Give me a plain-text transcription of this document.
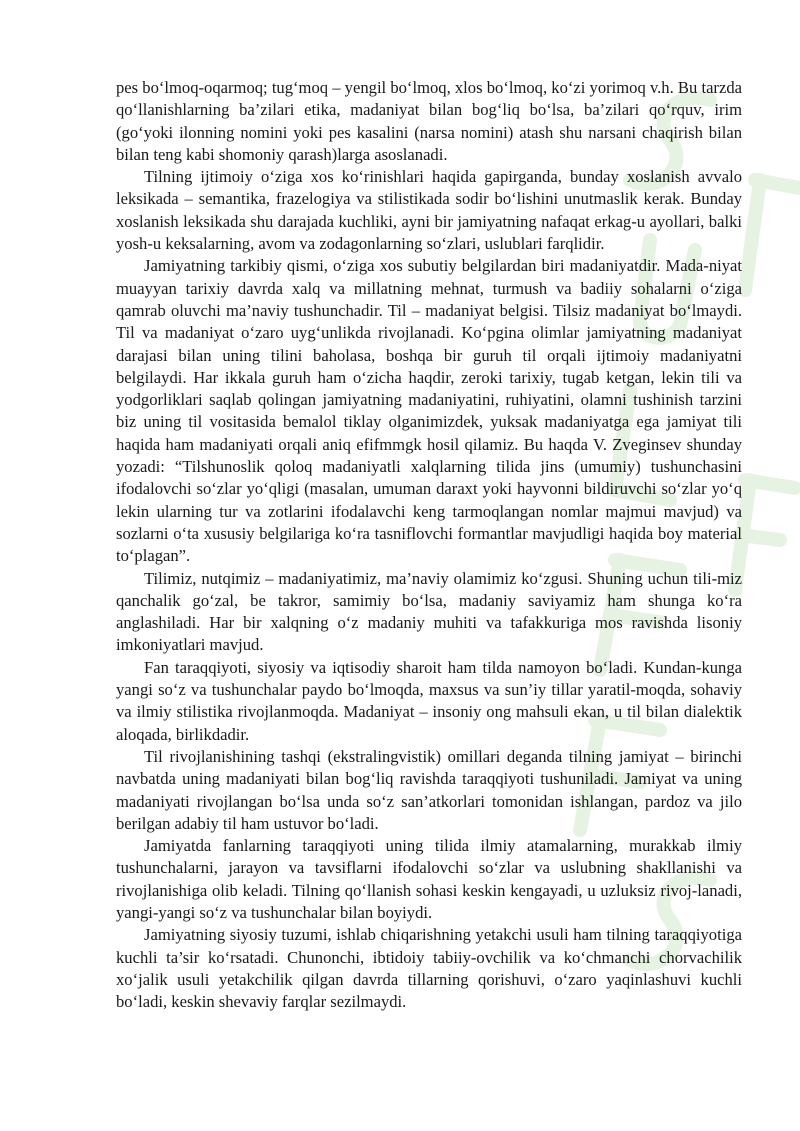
pes bo‘lmoq-oqarmoq; tug‘moq – yengil bo‘lmoq, xlos bo‘lmoq, ko‘zi yorimoq v.h. Bu tarzda qo‘llanishlarning ba’zilari etika, madaniyat bilan bog‘liq bo‘lsa, ba’zilari qo‘rquv, irim (go‘yoki ilonning nomini yoki pes kasalini (narsa nomini) atash shu narsani chaqirish bilan bilan teng kabi shomoniy qarash)larga asoslanadi.

Tilning ijtimoiy o‘ziga xos ko‘rinishlari haqida gapirganda, bunday xoslanish avvalo leksikada – semantika, frazelogiya va stilistikada sodir bo‘lishini unutmaslik kerak. Bunday xoslanish leksikada shu darajada kuchliki, ayni bir jamiyatning nafaqat erkag-u ayollari, balki yosh-u keksalarning, avom va zodagonlarning so‘zlari, uslublari farqlidir.

Jamiyatning tarkibiy qismi, o‘ziga xos subutiy belgilardan biri madaniyatdir. Mada-niyat muayyan tarixiy davrda xalq va millatning mehnat, turmush va badiiy sohalarni o‘ziga qamrab oluvchi ma’naviy tushunchadir. Til – madaniyat belgisi. Tilsiz madaniyat bo‘lmaydi. Til va madaniyat o‘zaro uyg‘unlikda rivojlanadi. Ko‘pgina olimlar jamiyatning madaniyat darajasi bilan uning tilini baholasa, boshqa bir guruh til orqali ijtimoiy madaniyatni belgilaydi. Har ikkala guruh ham o‘zicha haqdir, zeroki tarixiy, tugab ketgan, lekin tili va yodgorliklari saqlab qolingan jamiyatning madaniyatini, ruhiyatini, olamni tushinish tarzini biz uning til vositasida bemalol tiklay olganimizdek, yuksak madaniyatga ega jamiyat tili haqida ham madaniyati orqali aniq efifmmgk hosil qilamiz. Bu haqda V. Zveginsev shunday yozadi: “Tilshunoslik qoloq madaniyatli xalqlarning tilida jins (umumiy) tushunchasini ifodalovchi so‘zlar yo‘qligi (masalan, umuman daraxt yoki hayvonni bildiruvchi so‘zlar yo‘q lekin ularning tur va zotlarini ifodalavchi keng tarmoqlangan nomlar majmui mavjud) va sozlarni o‘ta xususiy belgilariga ko‘ra tasniflovchi formantlar mavjudligi haqida boy material to‘plagan”.

Tilimiz, nutqimiz – madaniyatimiz, ma’naviy olamimiz ko‘zgusi. Shuning uchun tili-miz qanchalik go‘zal, be takror, samimiy bo‘lsa, madaniy saviyamiz ham shunga ko‘ra anglashiladi. Har bir xalqning o‘z madaniy muhiti va tafakkuriga mos ravishda lisoniy imkoniyatlari mavjud.

Fan taraqqiyoti, siyosiy va iqtisodiy sharoit ham tilda namoyon bo‘ladi. Kundan-kunga yangi so‘z va tushunchalar paydo bo‘lmoqda, maxsus va sun’iy tillar yaratil-moqda, sohaviy va ilmiy stilistika rivojlanmoqda. Madaniyat – insoniy ong mahsuli ekan, u til bilan dialektik aloqada, birlikdadir.

Til rivojlanishining tashqi (ekstralingvistik) omillari deganda tilning jamiyat – birinchi navbatda uning madaniyati bilan bog‘liq ravishda taraqqiyoti tushuniladi. Jamiyat va uning madaniyati rivojlangan bo‘lsa unda so‘z san’atkorlari tomonidan ishlangan, pardoz va jilo berilgan adabiy til ham ustuvor bo‘ladi.

Jamiyatda fanlarning taraqqiyoti uning tilida ilmiy atamalarning, murakkab ilmiy tushunchalarni, jarayon va tavsiflarni ifodalovchi so‘zlar va uslubning shakllanishi va rivojlanishiga olib keladi. Tilning qo‘llanish sohasi keskin kengayadi, u uzluksiz rivoj-lanadi, yangi-yangi so‘z va tushunchalar bilan boyiydi.

Jamiyatning siyosiy tuzumi, ishlab chiqarishning yetakchi usuli ham tilning taraqqiyotiga kuchli ta’sir ko‘rsatadi. Chunonchi, ibtidoiy tabiiy-ovchilik va ko‘chmanchi chorvachilik xo‘jalik usuli yetakchilik qilgan davrda tillarning qorishuvi, o‘zaro yaqinlashuvi kuchli bo‘ladi, keskin shevaviy farqlar sezilmaydi.
